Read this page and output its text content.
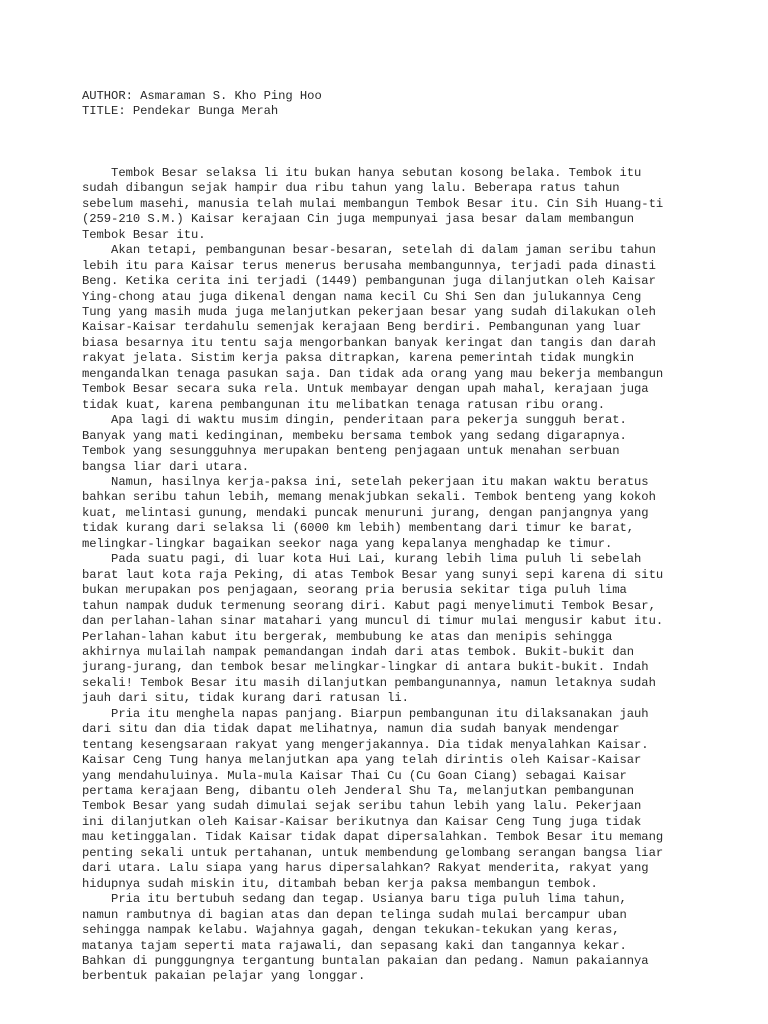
AUTHOR: Asmaraman S. Kho Ping Hoo
TITLE: Pendekar Bunga Merah
Tembok Besar selaksa li itu bukan hanya sebutan kosong belaka. Tembok itu
sudah dibangun sejak hampir dua ribu tahun yang lalu. Beberapa ratus tahun
sebelum masehi, manusia telah mulai membangun Tembok Besar itu. Cin Sih Huang-ti
(259-210 S.M.) Kaisar kerajaan Cin juga mempunyai jasa besar dalam membangun
Tembok Besar itu.
Akan tetapi, pembangunan besar-besaran, setelah di dalam jaman seribu tahun
lebih itu para Kaisar terus menerus berusaha membangunnya, terjadi pada dinasti
Beng. Ketika cerita ini terjadi (1449) pembangunan juga dilanjutkan oleh Kaisar
Ying-chong atau juga dikenal dengan nama kecil Cu Shi Sen dan julukannya Ceng
Tung yang masih muda juga melanjutkan pekerjaan besar yang sudah dilakukan oleh
Kaisar-Kaisar terdahulu semenjak kerajaan Beng berdiri. Pembangunan yang luar
biasa besarnya itu tentu saja mengorbankan banyak keringat dan tangis dan darah
rakyat jelata. Sistim kerja paksa ditrapkan, karena pemerintah tidak mungkin
mengandalkan tenaga pasukan saja. Dan tidak ada orang yang mau bekerja membangun
Tembok Besar secara suka rela. Untuk membayar dengan upah mahal, kerajaan juga
tidak kuat, karena pembangunan itu melibatkan tenaga ratusan ribu orang.
Apa lagi di waktu musim dingin, penderitaan para pekerja sungguh berat.
Banyak yang mati kedinginan, membeku bersama tembok yang sedang digarapnya.
Tembok yang sesungguhnya merupakan benteng penjagaan untuk menahan serbuan
bangsa liar dari utara.
Namun, hasilnya kerja-paksa ini, setelah pekerjaan itu makan waktu beratus
bahkan seribu tahun lebih, memang menakjubkan sekali. Tembok benteng yang kokoh
kuat, melintasi gunung, mendaki puncak menuruni jurang, dengan panjangnya yang
tidak kurang dari selaksa li (6000 km lebih) membentang dari timur ke barat,
melingkar-lingkar bagaikan seekor naga yang kepalanya menghadap ke timur.
Pada suatu pagi, di luar kota Hui Lai, kurang lebih lima puluh li sebelah
barat laut kota raja Peking, di atas Tembok Besar yang sunyi sepi karena di situ
bukan merupakan pos penjagaan, seorang pria berusia sekitar tiga puluh lima
tahun nampak duduk termenung seorang diri. Kabut pagi menyelimuti Tembok Besar,
dan perlahan-lahan sinar matahari yang muncul di timur mulai mengusir kabut itu.
Perlahan-lahan kabut itu bergerak, membubung ke atas dan menipis sehingga
akhirnya mulailah nampak pemandangan indah dari atas tembok. Bukit-bukit dan
jurang-jurang, dan tembok besar melingkar-lingkar di antara bukit-bukit. Indah
sekali! Tembok Besar itu masih dilanjutkan pembangunannya, namun letaknya sudah
jauh dari situ, tidak kurang dari ratusan li.
Pria itu menghela napas panjang. Biarpun pembangunan itu dilaksanakan jauh
dari situ dan dia tidak dapat melihatnya, namun dia sudah banyak mendengar
tentang kesengsaraan rakyat yang mengerjakannya. Dia tidak menyalahkan Kaisar.
Kaisar Ceng Tung hanya melanjutkan apa yang telah dirintis oleh Kaisar-Kaisar
yang mendahuluinya. Mula-mula Kaisar Thai Cu (Cu Goan Ciang) sebagai Kaisar
pertama kerajaan Beng, dibantu oleh Jenderal Shu Ta, melanjutkan pembangunan
Tembok Besar yang sudah dimulai sejak seribu tahun lebih yang lalu. Pekerjaan
ini dilanjutkan oleh Kaisar-Kaisar berikutnya dan Kaisar Ceng Tung juga tidak
mau ketinggalan. Tidak Kaisar tidak dapat dipersalahkan. Tembok Besar itu memang
penting sekali untuk pertahanan, untuk membendung gelombang serangan bangsa liar
dari utara. Lalu siapa yang harus dipersalahkan? Rakyat menderita, rakyat yang
hidupnya sudah miskin itu, ditambah beban kerja paksa membangun tembok.
Pria itu bertubuh sedang dan tegap. Usianya baru tiga puluh lima tahun,
namun rambutnya di bagian atas dan depan telinga sudah mulai bercampur uban
sehingga nampak kelabu. Wajahnya gagah, dengan tekukan-tekukan yang keras,
matanya tajam seperti mata rajawali, dan sepasang kaki dan tangannya kekar.
Bahkan di punggungnya tergantung buntalan pakaian dan pedang. Namun pakaiannya
berbentuk pakaian pelajar yang longgar.
